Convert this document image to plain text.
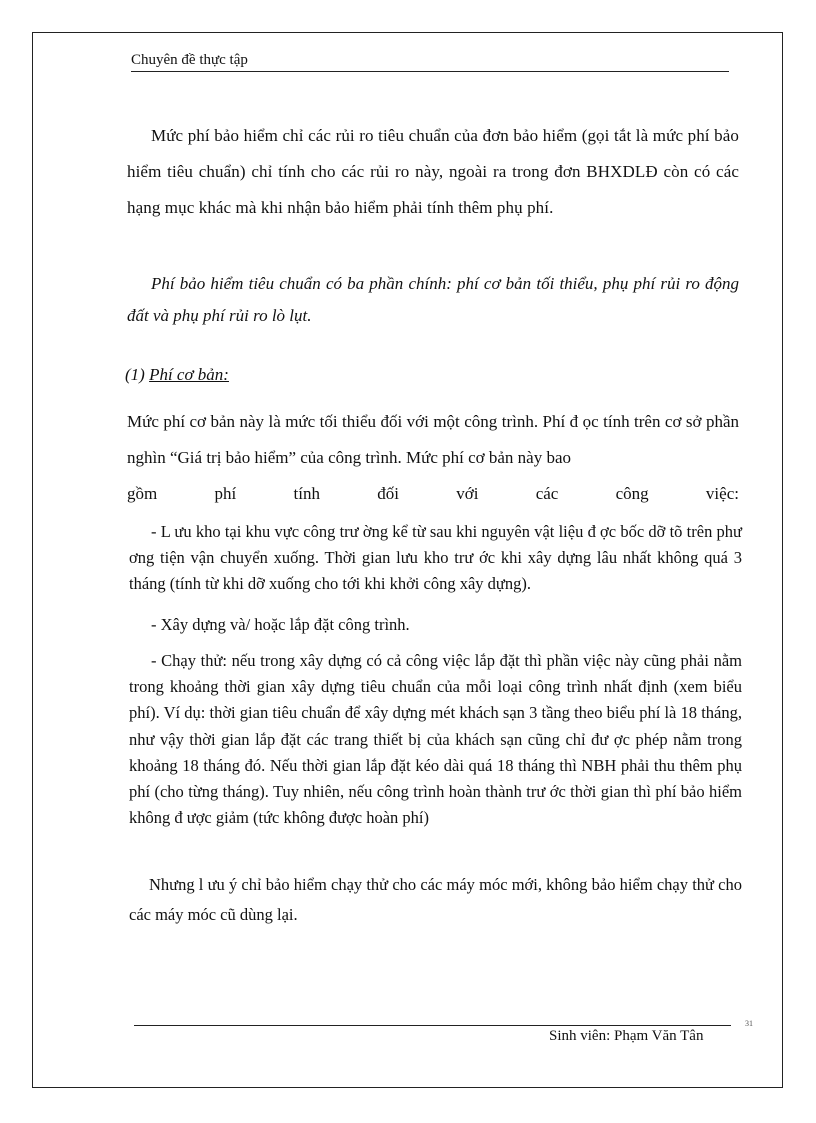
Chuyên đề thực tập
Mức phí bảo hiểm chỉ các rủi ro tiêu chuẩn của đơn bảo hiểm (gọi tắt là mức phí bảo hiểm tiêu chuẩn) chỉ tính cho các rủi ro này, ngoài ra trong đơn BHXDLĐ còn có các hạng mục khác mà khi nhận bảo hiểm phải tính thêm phụ phí.
Phí bảo hiểm tiêu chuẩn có ba phần chính: phí cơ bản tối thiểu, phụ phí rủi ro động đất và phụ phí rủi ro lò lụt.
(1) Phí cơ bản:
Mức phí cơ bản này là mức tối thiểu đối với một công trình. Phí đ ọc tính trên cơ sở phần nghìn “Giá trị bảo hiểm” của công trình. Mức phí cơ bản này bao
gồm	phí	tính	đối	với	các	công	việc:
- L ưu kho tại khu vực công trư ờng kể từ sau khi nguyên vật liệu đ ợc bốc dỡ tõ trên phư ơng tiện vận chuyển xuống. Thời gian lưu kho trư ớc khi xây dựng lâu nhất không quá 3 tháng (tính từ khi dỡ xuống cho tới khi khởi công xây dựng).
- Xây dựng và/ hoặc lắp đặt công trình.
- Chạy thử: nếu trong xây dựng có cả công việc lắp đặt thì phần việc này cũng phải nằm trong khoảng thời gian xây dựng tiêu chuẩn của mỗi loại công trình nhất định (xem biểu phí). Ví dụ: thời gian tiêu chuẩn để xây dựng mét khách sạn 3 tầng theo biểu phí là 18 tháng, như vậy thời gian lắp đặt các trang thiết bị của khách sạn cũng chỉ đư ợc phép nằm trong khoảng 18 tháng đó. Nếu thời gian lắp đặt kéo dài quá 18 tháng thì NBH phải thu thêm phụ phí (cho từng tháng). Tuy nhiên, nếu công trình hoàn thành trư ớc thời gian thì phí bảo hiểm không đ ược giảm (tức không được hoàn phí)
Nhưng l ưu ý chỉ bảo hiểm chạy thử cho các máy móc mới, không bảo hiểm chạy thử cho các máy móc cũ dùng lại.
31
Sinh viên: Phạm Văn Tân
